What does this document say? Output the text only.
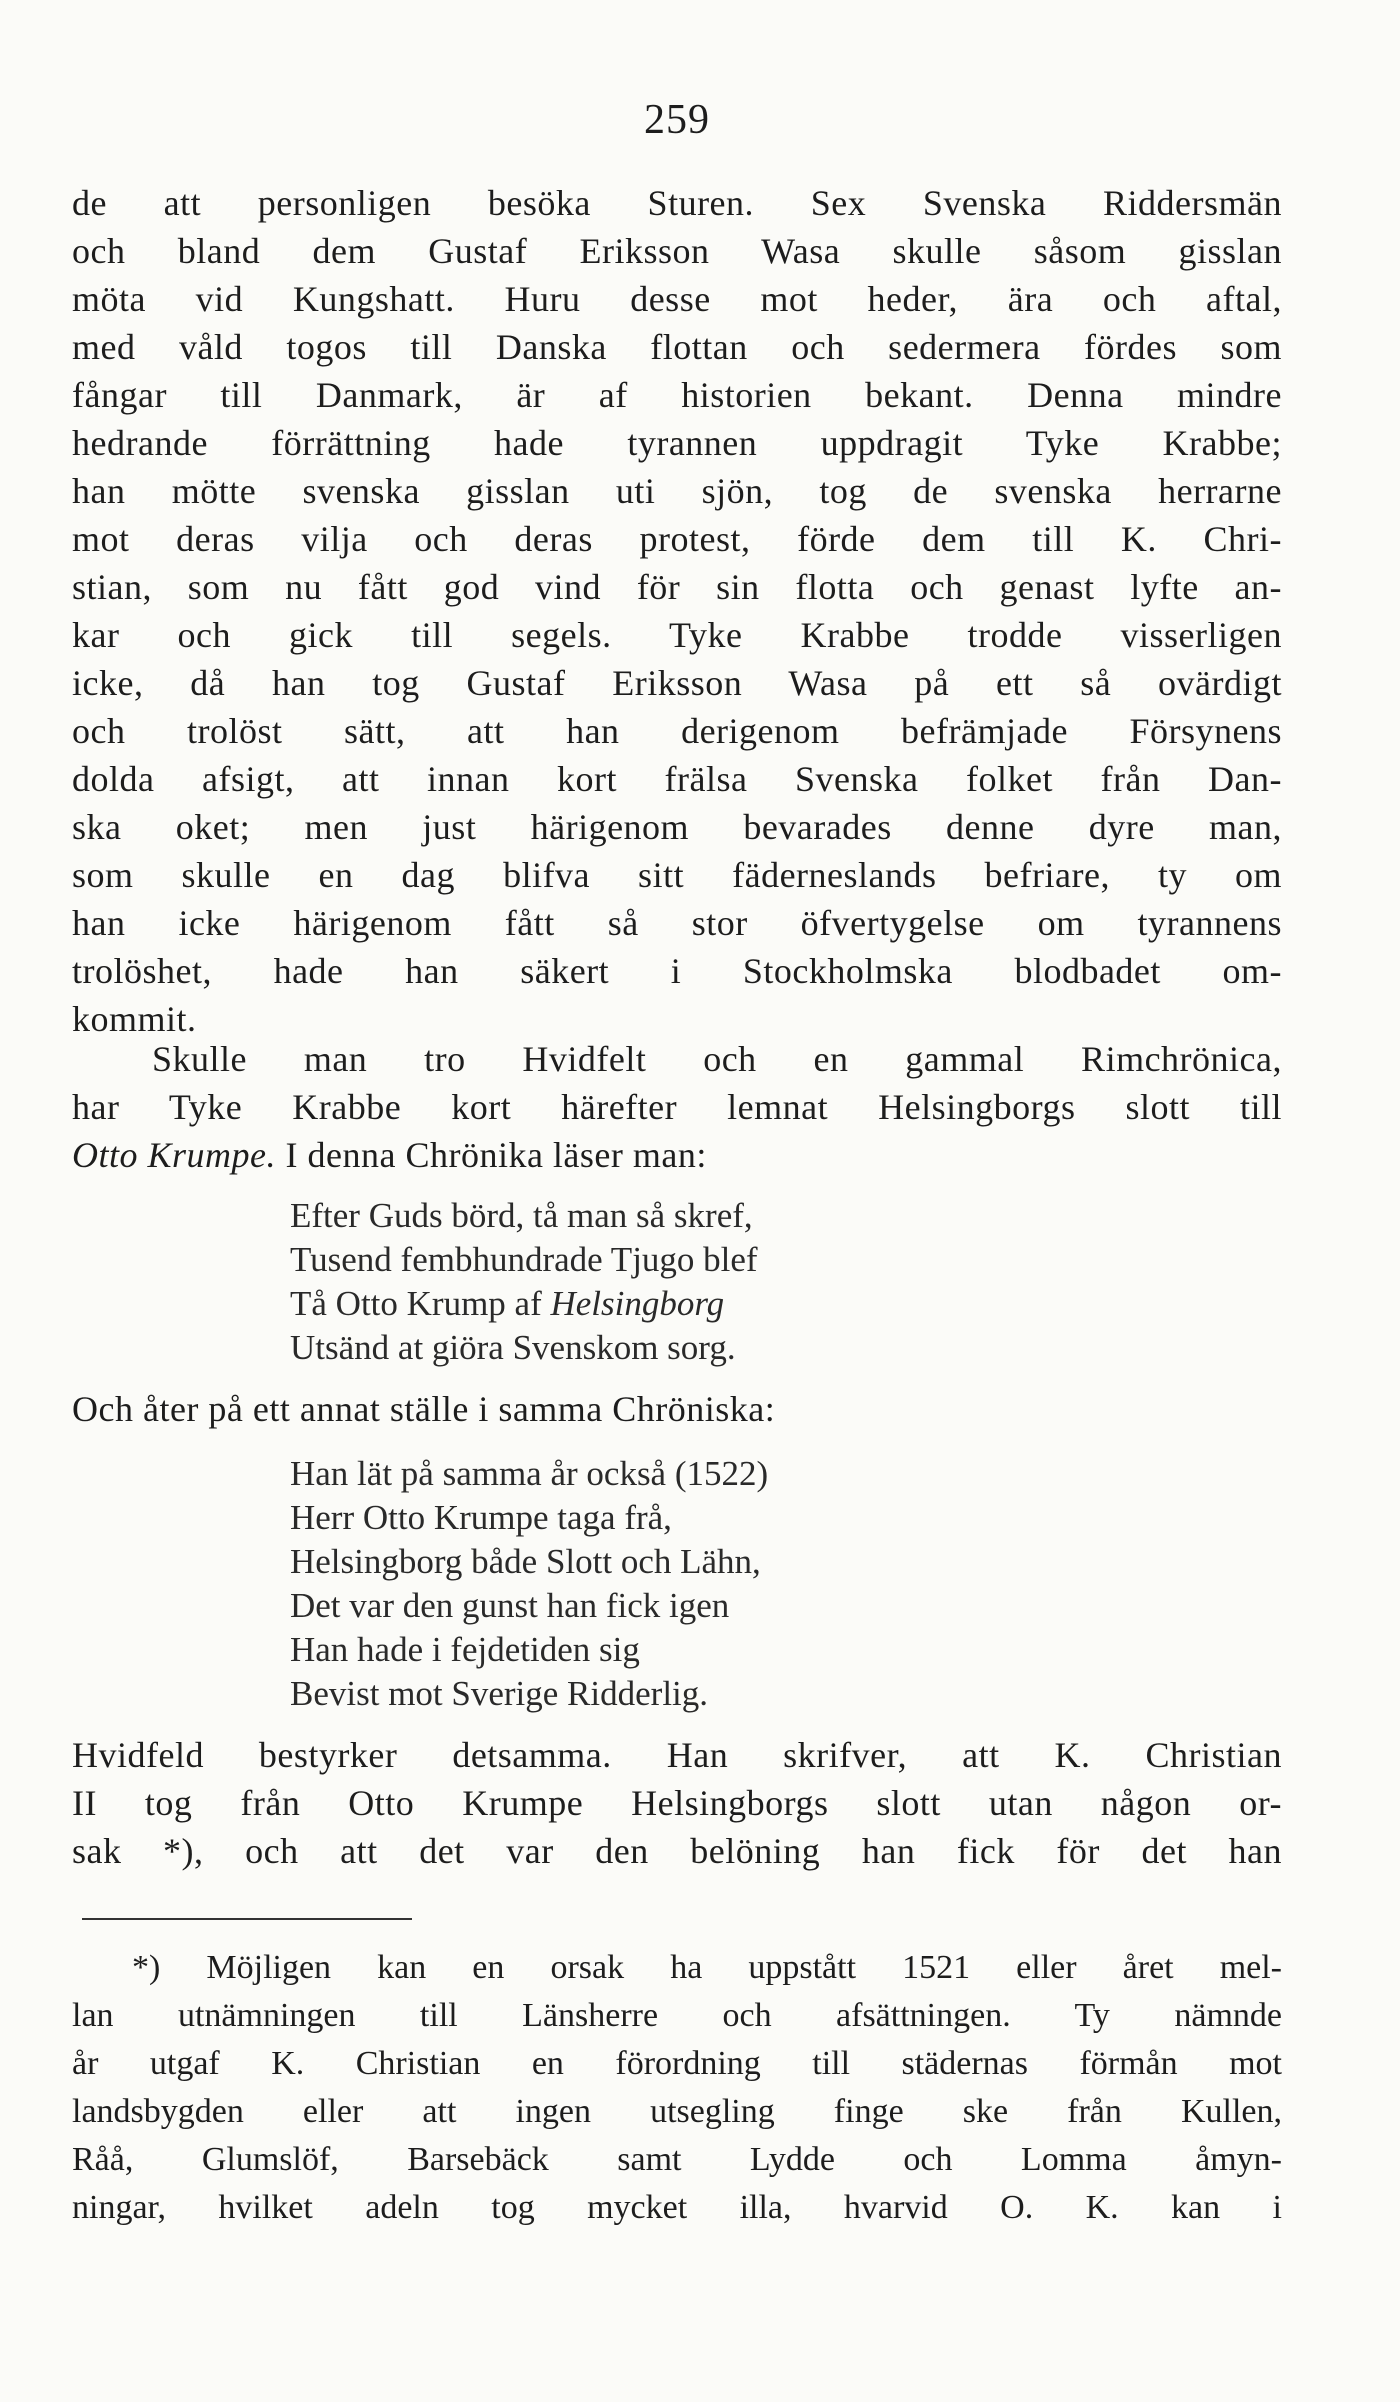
259
de att personligen besöka Sturen. Sex Svenska Riddersmän
och bland dem Gustaf Eriksson Wasa skulle såsom gisslan
möta vid Kungshatt. Huru desse mot heder, ära och aftal,
med våld togos till Danska flottan och sedermera fördes som
fångar till Danmark, är af historien bekant. Denna mindre
hedrande förrättning hade tyrannen uppdragit Tyke Krabbe;
han mötte svenska gisslan uti sjön, tog de svenska herrarne
mot deras vilja och deras protest, förde dem till K. Chri-
stian, som nu fått god vind för sin flotta och genast lyfte an-
kar och gick till segels. Tyke Krabbe trodde visserligen
icke, då han tog Gustaf Eriksson Wasa på ett så ovärdigt
och trolöst sätt, att han derigenom befrämjade Försynens
dolda afsigt, att innan kort frälsa Svenska folket från Dan-
ska oket; men just härigenom bevarades denne dyre man,
som skulle en dag blifva sitt fäderneslands befriare, ty om
han icke härigenom fått så stor öfvertygelse om tyrannens
trolöshet, hade han säkert i Stockholmska blodbadet om-
kommit.
Skulle man tro Hvidfelt och en gammal Rimchrönica,
har Tyke Krabbe kort härefter lemnat Helsingborgs slott till
Otto Krumpe. I denna Chrönika läser man:
Efter Guds börd, tå man så skref,
Tusend fembhundrade Tjugo blef
Tå Otto Krump af Helsingborg
Utsänd at giöra Svenskom sorg.
Och åter på ett annat ställe i samma Chröniska:
Han lät på samma år också (1522)
Herr Otto Krumpe taga frå,
Helsingborg både Slott och Lähn,
Det var den gunst han fick igen
Han hade i fejdetiden sig
Bevist mot Sverige Ridderlig.
Hvidfeld bestyrker detsamma. Han skrifver, att K. Christian
II tog från Otto Krumpe Helsingborgs slott utan någon or-
sak *), och att det var den belöning han fick för det han
*) Möjligen kan en orsak ha uppstått 1521 eller året mel-
lan utnämningen till Länsherre och afsättningen. Ty nämnde
år utgaf K. Christian en förordning till städernas förmån mot
landsbygden eller att ingen utsegling finge ske från Kullen,
Råå, Glumslöf, Barsebäck samt Lydde och Lomma åmyn-
ningar, hvilket adeln tog mycket illa, hvarvid O. K. kan i
